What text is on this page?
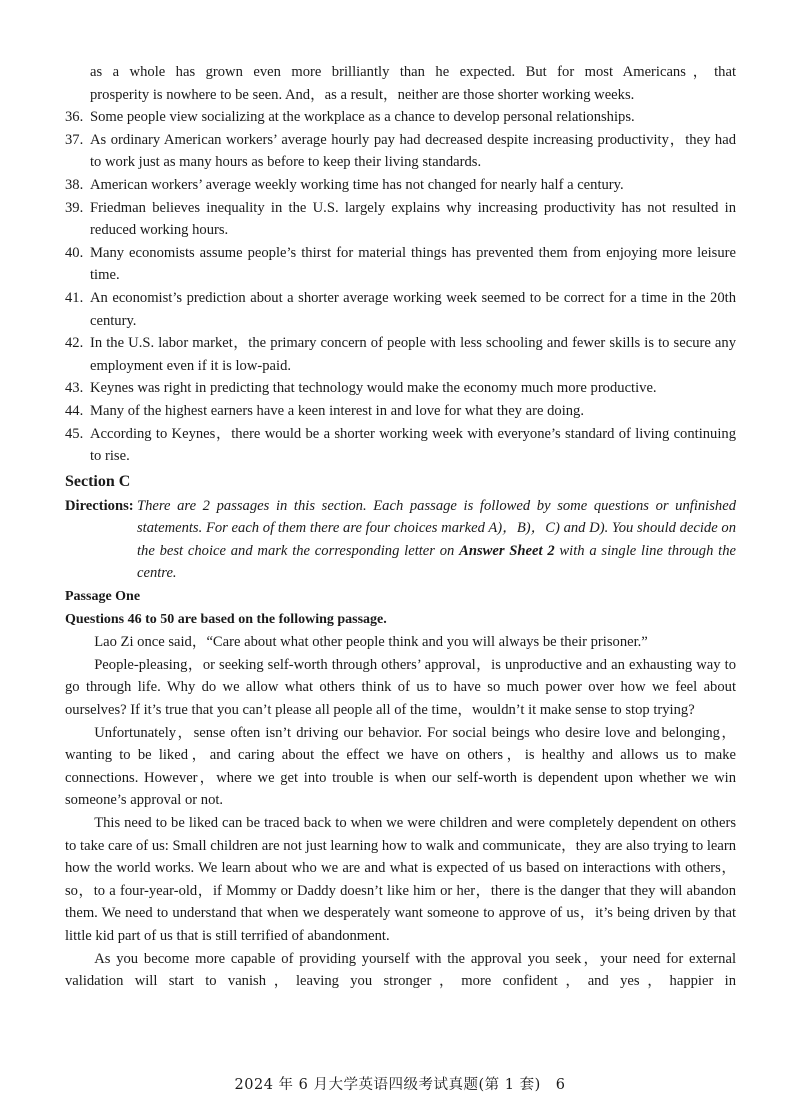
as a whole has grown even more brilliantly than he expected. But for most Americans，that

prosperity is nowhere to be seen. And，as a result，neither are those shorter working weeks.

36. Some people view socializing at the workplace as a chance to develop personal relationships.
37. As ordinary American workers’ average hourly pay had decreased despite increasing productivity，they had to work just as many hours as before to keep their living standards.
38. American workers’ average weekly working time has not changed for nearly half a century.
39. Friedman believes inequality in the U.S. largely explains why increasing productivity has not resulted in reduced working hours.
40. Many economists assume people’s thirst for material things has prevented them from enjoying more leisure time.
41. An economist’s prediction about a shorter average working week seemed to be correct for a time in the 20th century.
42. In the U.S. labor market，the primary concern of people with less schooling and fewer skills is to secure any employment even if it is low-paid.
43. Keynes was right in predicting that technology would make the economy much more productive.
44. Many of the highest earners have a keen interest in and love for what they are doing.
45. According to Keynes，there would be a shorter working week with everyone’s standard of living continuing to rise.

Section C

Directions: There are 2 passages in this section. Each passage is followed by some questions or unfinished statements. For each of them there are four choices marked A)，B)，C) and D). You should decide on the best choice and mark the corresponding letter on Answer Sheet 2 with a single line through the centre.

Passage One

Questions 46 to 50 are based on the following passage.

Lao Zi once said，“Care about what other people think and you will always be their prisoner.”

People-pleasing，or seeking self-worth through others’ approval，is unproductive and an exhausting way to go through life. Why do we allow what others think of us to have so much power over how we feel about ourselves? If it’s true that you can’t please all people all of the time，wouldn’t it make sense to stop trying?

Unfortunately，sense often isn’t driving our behavior. For social beings who desire love and belonging，wanting to be liked，and caring about the effect we have on others，is healthy and allows us to make connections. However，where we get into trouble is when our self-worth is dependent upon whether we win someone’s approval or not.

This need to be liked can be traced back to when we were children and were completely dependent on others to take care of us: Small children are not just learning how to walk and communicate，they are also trying to learn how the world works. We learn about who we are and what is expected of us based on interactions with others，so，to a four-year-old，if Mommy or Daddy doesn’t like him or her，there is the danger that they will abandon them. We need to understand that when we desperately want someone to approve of us，it’s being driven by that little kid part of us that is still terrified of abandonment.

As you become more capable of providing yourself with the approval you seek，your need for external validation will start to vanish，leaving you stronger，more confident，and yes，happier in

2024 年 6 月大学英语四级考试真题(第 1 套)　6
